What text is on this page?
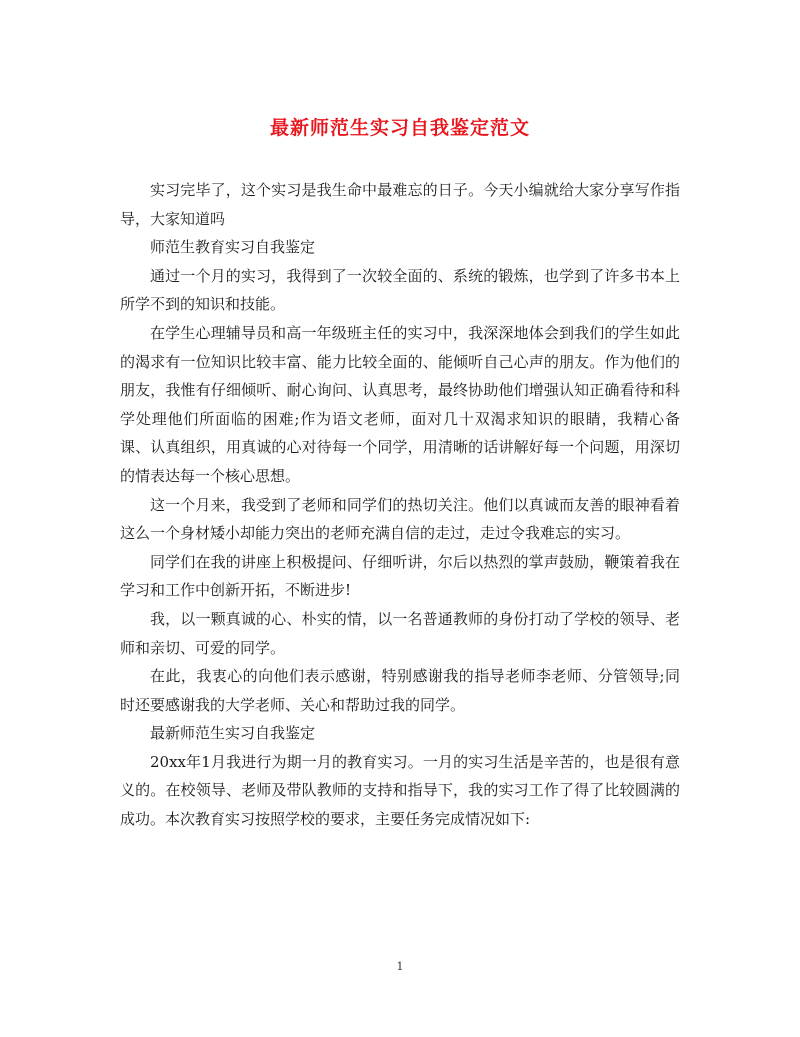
最新师范生实习自我鉴定范文

实习完毕了，这个实习是我生命中最难忘的日子。今天小编就给大家分享写作指导，大家知道吗

师范生教育实习自我鉴定

通过一个月的实习，我得到了一次较全面的、系统的锻炼，也学到了许多书本上所学不到的知识和技能。

在学生心理辅导员和高一年级班主任的实习中，我深深地体会到我们的学生如此的渴求有一位知识比较丰富、能力比较全面的、能倾听自己心声的朋友。作为他们的朋友，我惟有仔细倾听、耐心询问、认真思考，最终协助他们增强认知正确看待和科学处理他们所面临的困难;作为语文老师，面对几十双渴求知识的眼睛，我精心备课、认真组织，用真诚的心对待每一个同学，用清晰的话讲解好每一个问题，用深切的情表达每一个核心思想。

这一个月来，我受到了老师和同学们的热切关注。他们以真诚而友善的眼神看着这么一个身材矮小却能力突出的老师充满自信的走过，走过令我难忘的实习。

同学们在我的讲座上积极提问、仔细听讲，尔后以热烈的掌声鼓励，鞭策着我在学习和工作中创新开拓，不断进步!

我，以一颗真诚的心、朴实的情，以一名普通教师的身份打动了学校的领导、老师和亲切、可爱的同学。

在此，我衷心的向他们表示感谢，特别感谢我的指导老师李老师、分管领导;同时还要感谢我的大学老师、关心和帮助过我的同学。

最新师范生实习自我鉴定

20xx年1月我进行为期一月的教育实习。一月的实习生活是辛苦的，也是很有意义的。在校领导、老师及带队教师的支持和指导下，我的实习工作了得了比较圆满的成功。本次教育实习按照学校的要求，主要任务完成情况如下:

1
